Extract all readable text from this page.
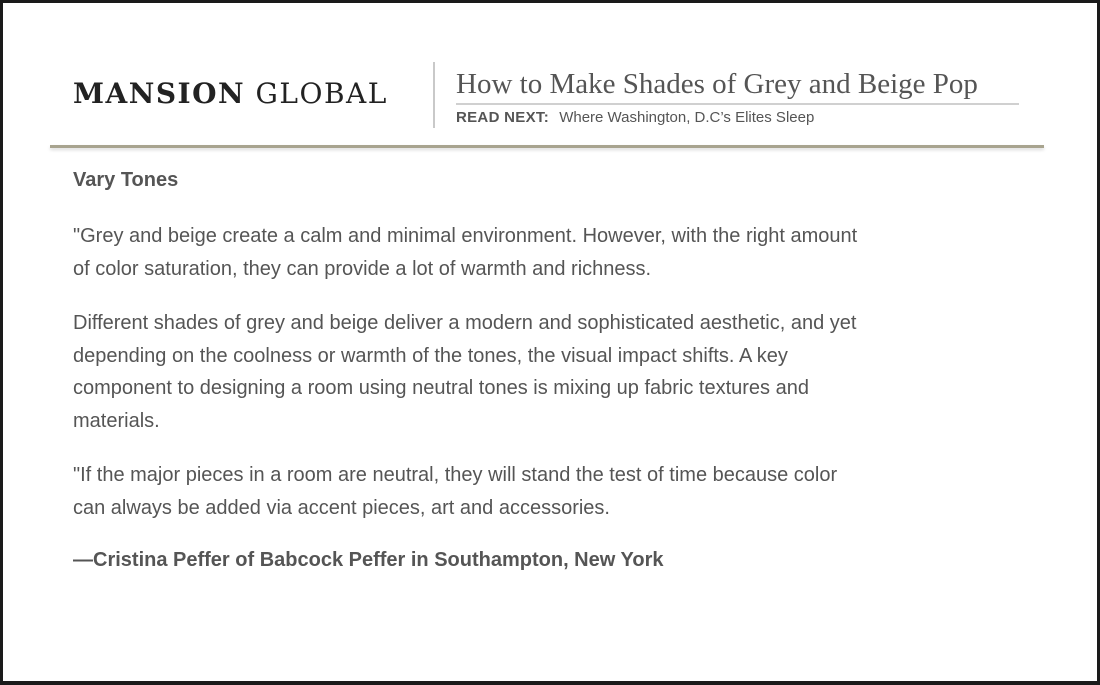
MANSION GLOBAL How to Make Shades of Grey and Beige Pop
READ NEXT: Where Washington, D.C’s Elites Sleep
Vary Tones

"Grey and beige create a calm and minimal environment. However, with the right amount of color saturation, they can provide a lot of warmth and richness.

Different shades of grey and beige deliver a modern and sophisticated aesthetic, and yet depending on the coolness or warmth of the tones, the visual impact shifts. A key component to designing a room using neutral tones is mixing up fabric textures and materials.

"If the major pieces in a room are neutral, they will stand the test of time because color can always be added via accent pieces, art and accessories.

—Cristina Peffer of Babcock Peffer in Southampton, New York
